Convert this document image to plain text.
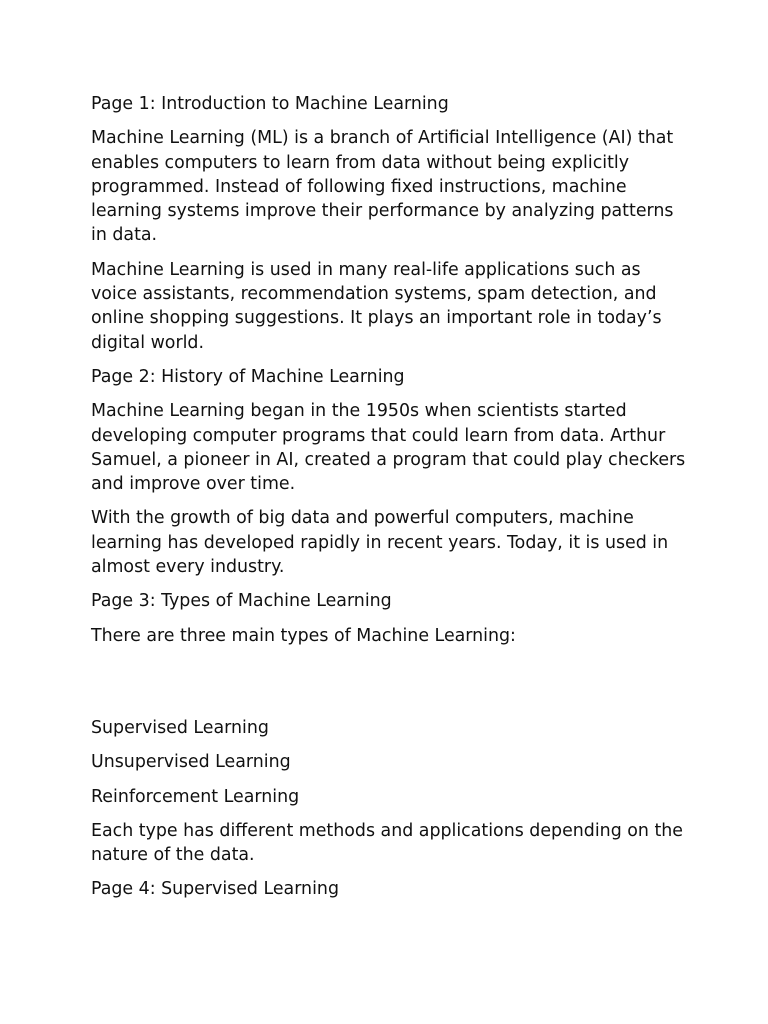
Page 1: Introduction to Machine Learning

Machine Learning (ML) is a branch of Artificial Intelligence (AI) that enables computers to learn from data without being explicitly programmed. Instead of following fixed instructions, machine learning systems improve their performance by analyzing patterns in data.

Machine Learning is used in many real-life applications such as voice assistants, recommendation systems, spam detection, and online shopping suggestions. It plays an important role in today’s digital world.

Page 2: History of Machine Learning

Machine Learning began in the 1950s when scientists started developing computer programs that could learn from data. Arthur Samuel, a pioneer in AI, created a program that could play checkers and improve over time.

With the growth of big data and powerful computers, machine learning has developed rapidly in recent years. Today, it is used in almost every industry.

Page 3: Types of Machine Learning

There are three main types of Machine Learning:

Supervised Learning

Unsupervised Learning

Reinforcement Learning

Each type has different methods and applications depending on the nature of the data.

Page 4: Supervised Learning
